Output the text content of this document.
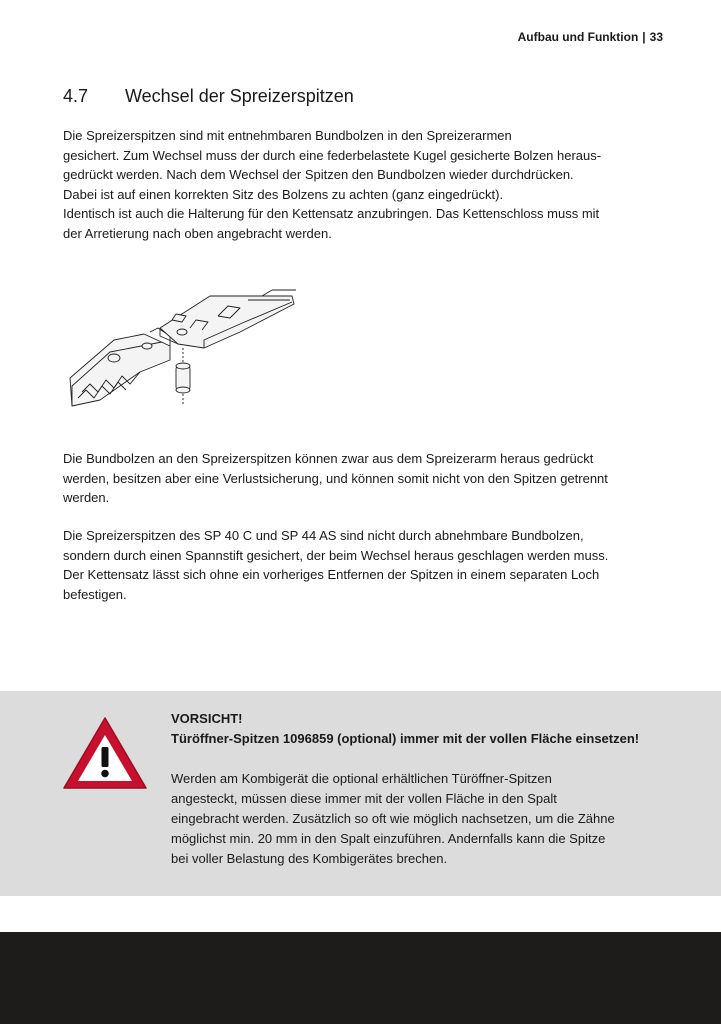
Aufbau und Funktion | 33
4.7 Wechsel der Spreizerspitzen

Die Spreizerspitzen sind mit entnehmbaren Bundbolzen in den Spreizerarmen

gesichert. Zum Wechsel muss der durch eine federbelastete Kugel gesicherte Bolzen heraus-

gedrückt werden. Nach dem Wechsel der Spitzen den Bundbolzen wieder durchdrücken.

Dabei ist auf einen korrekten Sitz des Bolzens zu achten (ganz eingedrückt).

Identisch ist auch die Halterung für den Kettensatz anzubringen. Das Kettenschloss muss mit

der Arretierung nach oben angebracht werden.

Die Bundbolzen an den Spreizerspitzen können zwar aus dem Spreizerarm heraus gedrückt

werden, besitzen aber eine Verlustsicherung, und können somit nicht von den Spitzen getrennt

werden.

Die Spreizerspitzen des SP 40 C und SP 44 AS sind nicht durch abnehmbare Bundbolzen,

sondern durch einen Spannstift gesichert, der beim Wechsel heraus geschlagen werden muss.

Der Kettensatz lässt sich ohne ein vorheriges Entfernen der Spitzen in einem separaten Loch

befestigen.

VORSICHT!
Türöffner-Spitzen 1096859 (optional) immer mit der vollen Fläche einsetzen!
Werden am Kombigerät die optional erhältlichen Türöffner-Spitzen
angesteckt, müssen diese immer mit der vollen Fläche in den Spalt
eingebracht werden. Zusätzlich so oft wie möglich nachsetzen, um die Zähne
möglichst min. 20 mm in den Spalt einzuführen. Andernfalls kann die Spitze
bei voller Belastung des Kombigerätes brechen.
